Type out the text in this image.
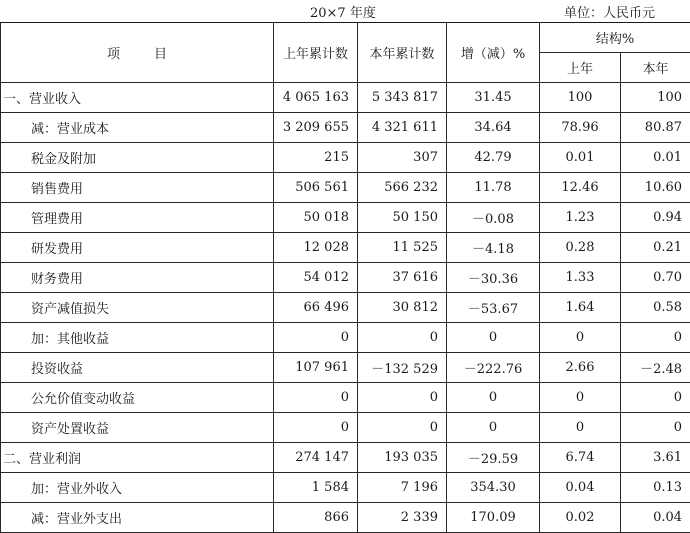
20×7 年度	单位：人民币元
项 目	上年累计数	本年累计数	增（减）%	结构%	
				上年	本年
一、营业收入	4 065 163	5 343 817	31.45	100	100
减：营业成本	3 209 655	4 321 611	34.64	78.96	80.87
税金及附加	215	307	42.79	0.01	0.01
销售费用	506 561	566 232	11.78	12.46	10.60
管理费用	50 018	50 150	－0.08	1.23	0.94
研发费用	12 028	11 525	－4.18	0.28	0.21
财务费用	54 012	37 616	－30.36	1.33	0.70
资产减值损失	66 496	30 812	－53.67	1.64	0.58
加：其他收益	0	0	0	0	0
投资收益	107 961	－132 529	－222.76	2.66	－2.48
公允价值变动收益	0	0	0	0	0
资产处置收益	0	0	0	0	0
二、营业利润	274 147	193 035	－29.59	6.74	3.61
加：营业外收入	1 584	7 196	354.30	0.04	0.13
减：营业外支出	866	2 339	170.09	0.02	0.04
